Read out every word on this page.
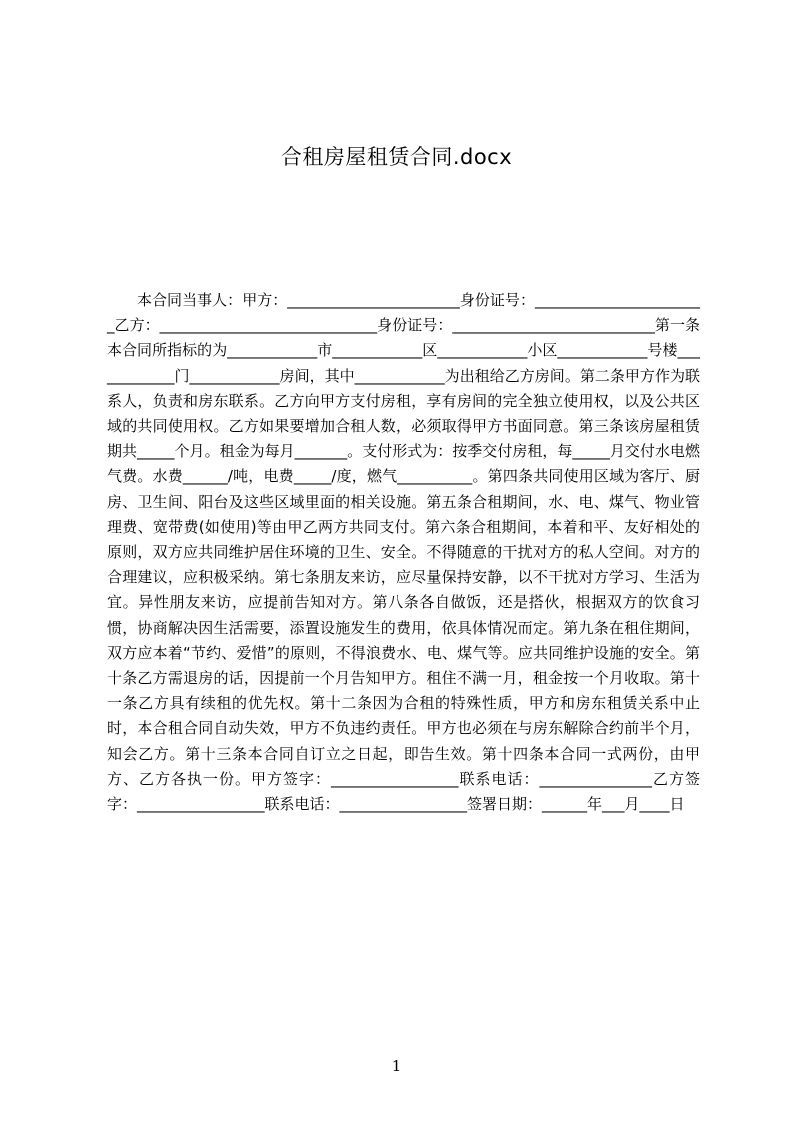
合租房屋租赁合同.docx

本合同当事人：甲方：_______________________身份证号：_______________________乙方：_____________________________身份证号：___________________________第一条本合同所指标的为____________市____________区____________小区____________号楼____________门____________房间，其中____________为出租给乙方房间。第二条甲方作为联系人，负责和房东联系。乙方向甲方支付房租，享有房间的完全独立使用权，以及公共区域的共同使用权。乙方如果要增加合租人数，必须取得甲方书面同意。第三条该房屋租赁期共_____个月。租金为每月_______。支付形式为：按季交付房租，每_____月交付水电燃气费。水费______/吨，电费_____/度，燃气__________。第四条共同使用区域为客厅、厨房、卫生间、阳台及这些区域里面的相关设施。第五条合租期间，水、电、煤气、物业管理费、宽带费(如使用)等由甲乙两方共同支付。第六条合租期间，本着和平、友好相处的原则，双方应共同维护居住环境的卫生、安全。不得随意的干扰对方的私人空间。对方的合理建议，应积极采纳。第七条朋友来访，应尽量保持安静，以不干扰对方学习、生活为宜。异性朋友来访，应提前告知对方。第八条各自做饭，还是搭伙，根据双方的饮食习惯，协商解决因生活需要，添置设施发生的费用，依具体情况而定。第九条在租住期间，双方应本着“节约、爱惜”的原则，不得浪费水、电、煤气等。应共同维护设施的安全。第十条乙方需退房的话，因提前一个月告知甲方。租住不满一月，租金按一个月收取。第十一条乙方具有续租的优先权。第十二条因为合租的特殊性质，甲方和房东租赁关系中止时，本合租合同自动失效，甲方不负违约责任。甲方也必须在与房东解除合约前半个月，知会乙方。第十三条本合同自订立之日起，即告生效。第十四条本合同一式两份，由甲方、乙方各执一份。甲方签字：_________________联系电话：_______________乙方签字：_________________联系电话：_________________签署日期：______年___月____日

1
